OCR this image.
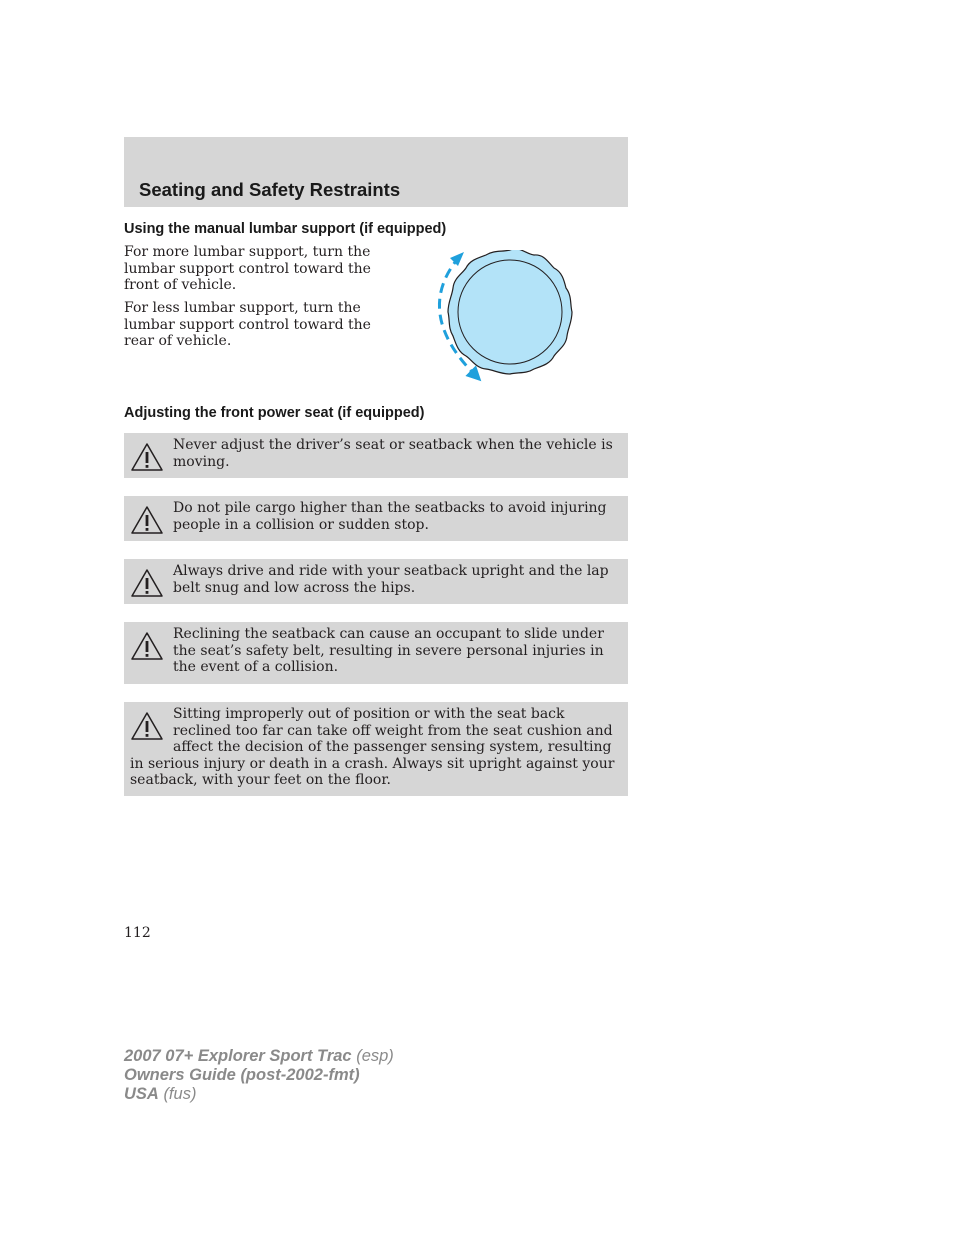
Seating and Safety Restraints
Using the manual lumbar support (if equipped)

For more lumbar support, turn the lumbar support control toward the front of vehicle.

For less lumbar support, turn the lumbar support control toward the rear of vehicle.

Adjusting the front power seat (if equipped)
Never adjust the driver’s seat or seatback when the vehicle is moving.
Do not pile cargo higher than the seatbacks to avoid injuring people in a collision or sudden stop.
Always drive and ride with your seatback upright and the lap belt snug and low across the hips.
Reclining the seatback can cause an occupant to slide under the seat’s safety belt, resulting in severe personal injuries in the event of a collision.
Sitting improperly out of position or with the seat back reclined too far can take off weight from the seat cushion and affect the decision of the passenger sensing system, resulting in serious injury or death in a crash. Always sit upright against your seatback, with your feet on the floor.
112
2007 07+ Explorer Sport Trac (esp)
Owners Guide (post-2002-fmt)
USA (fus)
